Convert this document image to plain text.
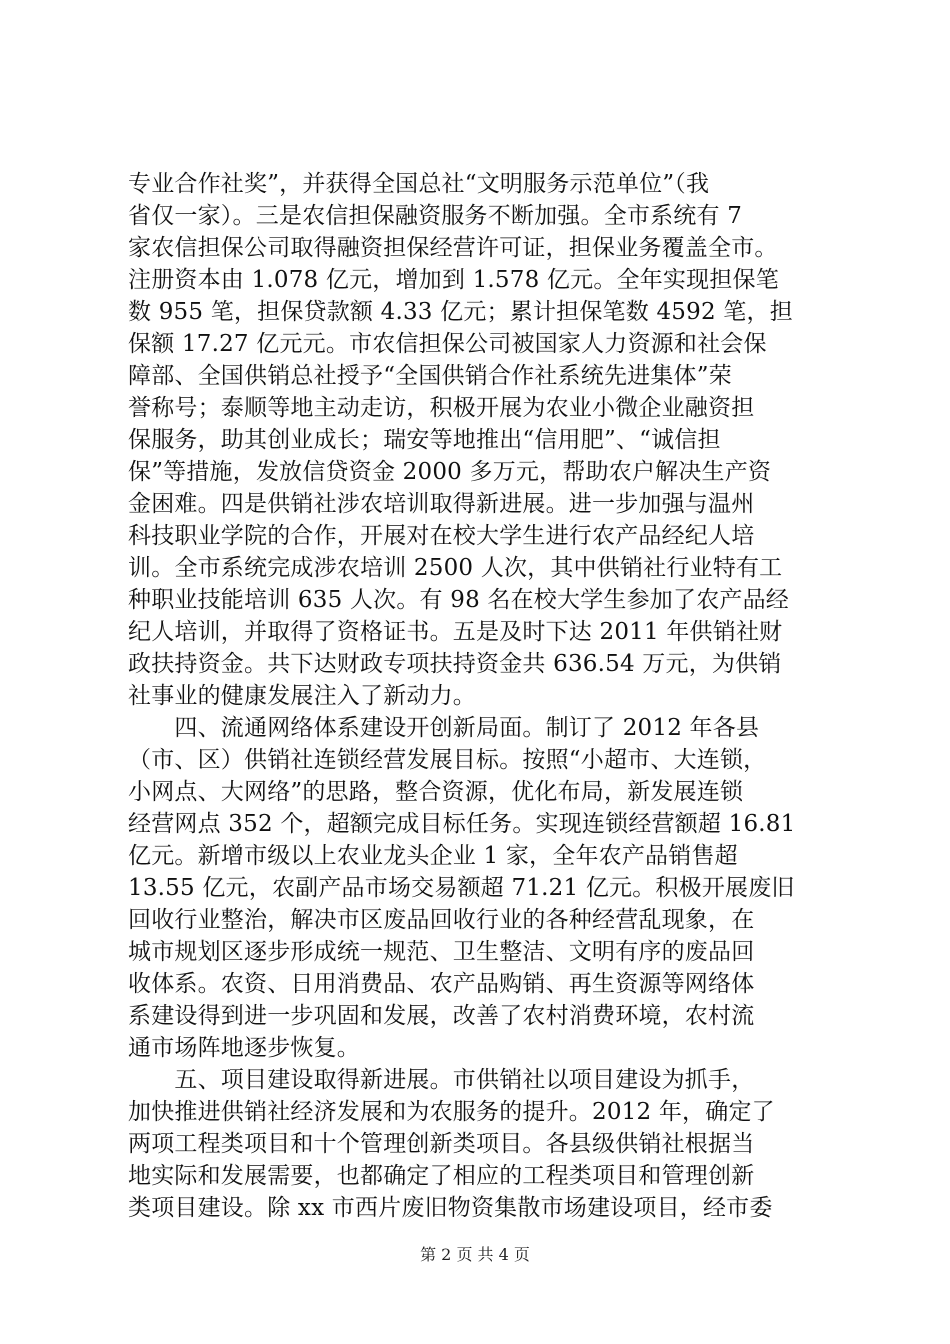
专业合作社奖”，并获得全国总社“文明服务示范单位”（我
省仅一家）。三是农信担保融资服务不断加强。全市系统有 7
家农信担保公司取得融资担保经营许可证，担保业务覆盖全市。
注册资本由 1.078 亿元，增加到 1.578 亿元。全年实现担保笔
数 955 笔，担保贷款额 4.33 亿元；累计担保笔数 4592 笔，担
保额 17.27 亿元元。市农信担保公司被国家人力资源和社会保
障部、全国供销总社授予“全国供销合作社系统先进集体”荣
誉称号；泰顺等地主动走访，积极开展为农业小微企业融资担
保服务，助其创业成长；瑞安等地推出“信用肥”、“诚信担
保”等措施，发放信贷资金 2000 多万元，帮助农户解决生产资
金困难。四是供销社涉农培训取得新进展。进一步加强与温州
科技职业学院的合作，开展对在校大学生进行农产品经纪人培
训。全市系统完成涉农培训 2500 人次，其中供销社行业特有工
种职业技能培训 635 人次。有 98 名在校大学生参加了农产品经
纪人培训，并取得了资格证书。五是及时下达 2011 年供销社财
政扶持资金。共下达财政专项扶持资金共 636.54 万元，为供销
社事业的健康发展注入了新动力。
　　四、流通网络体系建设开创新局面。制订了 2012 年各县
（市、区）供销社连锁经营发展目标。按照“小超市、大连锁，
小网点、大网络”的思路，整合资源，优化布局，新发展连锁
经营网点 352 个，超额完成目标任务。实现连锁经营额超 16.81
亿元。新增市级以上农业龙头企业 1 家，全年农产品销售超
13.55 亿元，农副产品市场交易额超 71.21 亿元。积极开展废旧
回收行业整治，解决市区废品回收行业的各种经营乱现象，在
城市规划区逐步形成统一规范、卫生整洁、文明有序的废品回
收体系。农资、日用消费品、农产品购销、再生资源等网络体
系建设得到进一步巩固和发展，改善了农村消费环境，农村流
通市场阵地逐步恢复。
　　五、项目建设取得新进展。市供销社以项目建设为抓手，
加快推进供销社经济发展和为农服务的提升。2012 年，确定了
两项工程类项目和十个管理创新类项目。各县级供销社根据当
地实际和发展需要，也都确定了相应的工程类项目和管理创新
类项目建设。除 xx 市西片废旧物资集散市场建设项目，经市委
第 2 页 共 4 页
